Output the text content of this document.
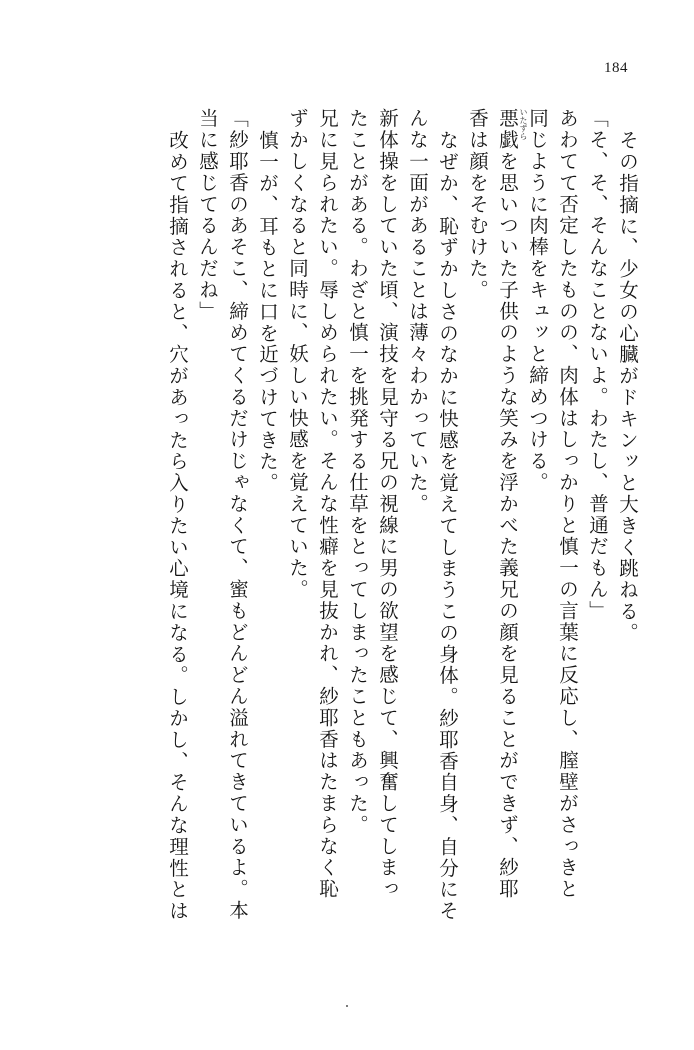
184
その指摘に、少女の心臓がドキンッと大きく跳ねる。
「そ、そ、そんなことないよ。わたし、普通だもん」
あわてて否定したものの、肉体はしっかりと慎一の言葉に反応し、膣壁がさっきと
同じように肉棒をキュッと締めつける。
いたずら
悪戯を思いついた子供のような笑みを浮かべた義兄の顔を見ることができず、紗耶
香は顔をそむけた。
なぜか、恥ずかしさのなかに快感を覚えてしまうこの身体。紗耶香自身、自分にそ
んな一面があることは薄々わかっていた。
新体操をしていた頃、演技を見守る兄の視線に男の欲望を感じて、興奮してしまっ
たことがある。わざと慎一を挑発する仕草をとってしまったこともあった。
兄に見られたい。辱しめられたい。そんな性癖を見抜かれ、紗耶香はたまらなく恥
ずかしくなると同時に、妖しい快感を覚えていた。
慎一が、耳もとに口を近づけてきた。
「紗耶香のあそこ、締めてくるだけじゃなくて、蜜もどんどん溢れてきているよ。本
当に感じてるんだね」
改めて指摘されると、穴があったら入りたい心境になる。しかし、そんな理性とは
・
